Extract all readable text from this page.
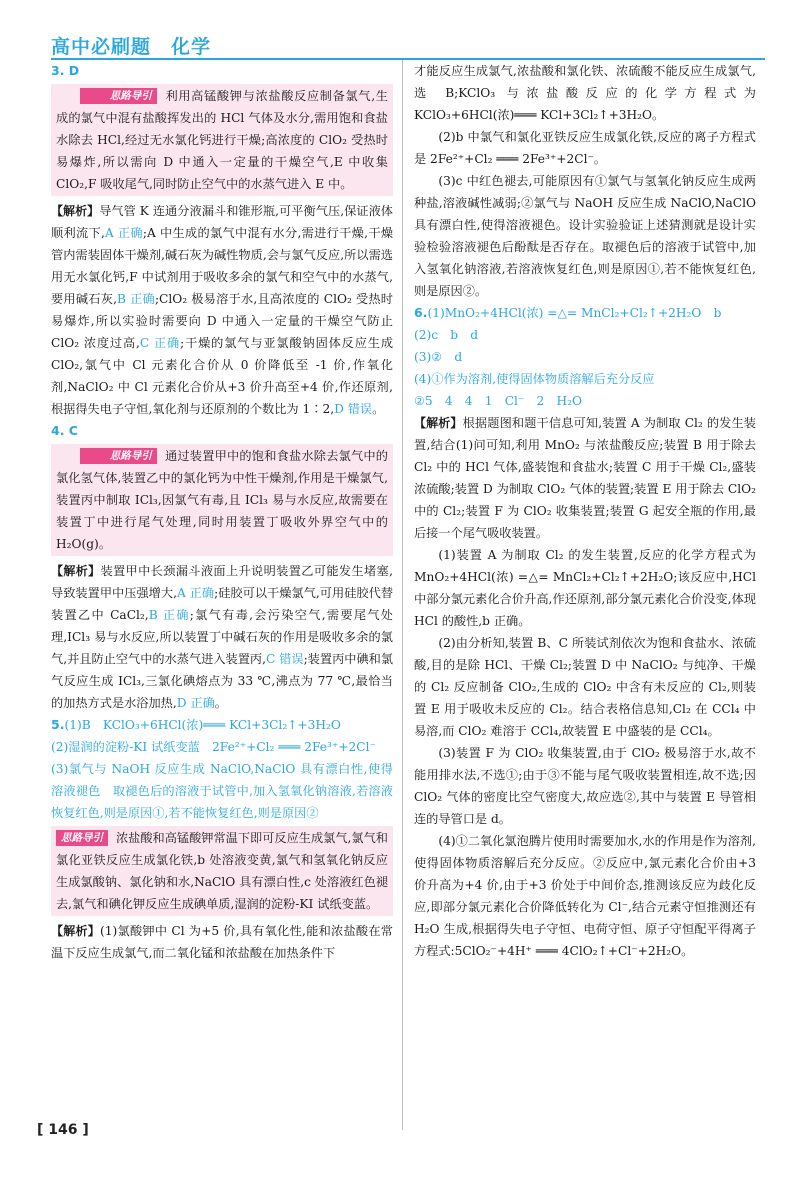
高中必刷题　化学
3. D
思路导引 利用高锰酸钾与浓盐酸反应制备氯气,生成的氯气中混有盐酸挥发出的 HCl 气体及水分,需用饱和食盐水除去 HCl,经过无水氯化钙进行干燥;高浓度的 ClO₂ 受热时易爆炸,所以需向 D 中通入一定量的干燥空气,E 中收集 ClO₂,F 吸收尾气,同时防止空气中的水蒸气进入 E 中。

【解析】导气管 K 连通分液漏斗和锥形瓶,可平衡气压,保证液体顺利流下,A 正确;A 中生成的氯气中混有水分,需进行干燥,干燥管内需装固体干燥剂,碱石灰为碱性物质,会与氯气反应,所以需选用无水氯化钙,F 中试剂用于吸收多余的氯气和空气中的水蒸气,要用碱石灰,B 正确;ClO₂ 极易溶于水,且高浓度的 ClO₂ 受热时易爆炸,所以实验时需要向 D 中通入一定量的干燥空气防止 ClO₂ 浓度过高,C 正确;干燥的氯气与亚氯酸钠固体反应生成 ClO₂,氯气中 Cl 元素化合价从 0 价降低至 -1 价,作氧化剂,NaClO₂ 中 Cl 元素化合价从+3 价升高至+4 价,作还原剂,根据得失电子守恒,氧化剂与还原剂的个数比为 1∶2,D 错误。

4. C
思路导引 通过装置甲中的饱和食盐水除去氯气中的氯化氢气体,装置乙中的氯化钙为中性干燥剂,作用是干燥氯气,装置丙中制取 ICl₃,因氯气有毒,且 ICl₃ 易与水反应,故需要在装置丁中进行尾气处理,同时用装置丁吸收外界空气中的 H₂O(g)。

【解析】装置甲中长颈漏斗液面上升说明装置乙可能发生堵塞,导致装置甲中压强增大,A 正确;硅胶可以干燥氯气,可用硅胶代替装置乙中 CaCl₂,B 正确;氯气有毒,会污染空气,需要尾气处理,ICl₃ 易与水反应,所以装置丁中碱石灰的作用是吸收多余的氯气,并且防止空气中的水蒸气进入装置丙,C 错误;装置丙中碘和氯气反应生成 ICl₃,三氯化碘熔点为 33 ℃,沸点为 77 ℃,最恰当的加热方式是水浴加热,D 正确。

5.(1)B　KClO₃+6HCl(浓)═══ KCl+3Cl₂↑+3H₂O

(2)湿润的淀粉-KI 试纸变蓝　2Fe²⁺+Cl₂ ═══ 2Fe³⁺+2Cl⁻

(3)氯气与 NaOH 反应生成 NaClO,NaClO 具有漂白性,使得溶液褪色　取褪色后的溶液于试管中,加入氢氧化钠溶液,若溶液恢复红色,则是原因①,若不能恢复红色,则是原因②

思路导引 浓盐酸和高锰酸钾常温下即可反应生成氯气,氯气和氯化亚铁反应生成氯化铁,b 处溶液变黄,氯气和氢氧化钠反应生成氯酸钠、氯化钠和水,NaClO 具有漂白性,c 处溶液红色褪去,氯气和碘化钾反应生成碘单质,湿润的淀粉-KI 试纸变蓝。

【解析】(1)氯酸钾中 Cl 为+5 价,具有氧化性,能和浓盐酸在常温下反应生成氯气,而二氧化锰和浓盐酸在加热条件下

才能反应生成氯气,浓盐酸和氯化铁、浓硫酸不能反应生成氯气,选 B;KClO₃ 与浓盐酸反应的化学方程式为 KClO₃+6HCl(浓)═══ KCl+3Cl₂↑+3H₂O。

(2)b 中氯气和氯化亚铁反应生成氯化铁,反应的离子方程式是 2Fe²⁺+Cl₂ ═══ 2Fe³⁺+2Cl⁻。

(3)c 中红色褪去,可能原因有①氯气与氢氧化钠反应生成两种盐,溶液碱性减弱;②氯气与 NaOH 反应生成 NaClO,NaClO 具有漂白性,使得溶液褪色。设计实验验证上述猜测就是设计实验检验溶液褪色后酚酞是否存在。取褪色后的溶液于试管中,加入氢氧化钠溶液,若溶液恢复红色,则是原因①,若不能恢复红色,则是原因②。

6.(1)MnO₂+4HCl(浓) =△= MnCl₂+Cl₂↑+2H₂O　b

(2)c　b　d

(3)②　d

(4)①作为溶剂,使得固体物质溶解后充分反应

②5　4　4　1　Cl⁻　2　H₂O

【解析】根据题图和题干信息可知,装置 A 为制取 Cl₂ 的发生装置,结合(1)问可知,利用 MnO₂ 与浓盐酸反应;装置 B 用于除去 Cl₂ 中的 HCl 气体,盛装饱和食盐水;装置 C 用于干燥 Cl₂,盛装浓硫酸;装置 D 为制取 ClO₂ 气体的装置;装置 E 用于除去 ClO₂ 中的 Cl₂;装置 F 为 ClO₂ 收集装置;装置 G 起安全瓶的作用,最后接一个尾气吸收装置。

(1)装置 A 为制取 Cl₂ 的发生装置,反应的化学方程式为 MnO₂+4HCl(浓) =△= MnCl₂+Cl₂↑+2H₂O;该反应中,HCl 中部分氯元素化合价升高,作还原剂,部分氯元素化合价没变,体现 HCl 的酸性,b 正确。

(2)由分析知,装置 B、C 所装试剂依次为饱和食盐水、浓硫酸,目的是除 HCl、干燥 Cl₂;装置 D 中 NaClO₂ 与纯净、干燥的 Cl₂ 反应制备 ClO₂,生成的 ClO₂ 中含有未反应的 Cl₂,则装置 E 用于吸收未反应的 Cl₂。结合表格信息知,Cl₂ 在 CCl₄ 中易溶,而 ClO₂ 难溶于 CCl₄,故装置 E 中盛装的是 CCl₄。

(3)装置 F 为 ClO₂ 收集装置,由于 ClO₂ 极易溶于水,故不能用排水法,不选①;由于③不能与尾气吸收装置相连,故不选;因 ClO₂ 气体的密度比空气密度大,故应选②,其中与装置 E 导管相连的导管口是 d。

(4)①二氧化氯泡腾片使用时需要加水,水的作用是作为溶剂,使得固体物质溶解后充分反应。②反应中,氯元素化合价由+3 价升高为+4 价,由于+3 价处于中间价态,推测该反应为歧化反应,即部分氯元素化合价降低转化为 Cl⁻,结合元素守恒推测还有 H₂O 生成,根据得失电子守恒、电荷守恒、原子守恒配平得离子方程式:5ClO₂⁻+4H⁺ ═══ 4ClO₂↑+Cl⁻+2H₂O。

[ 146 ]
